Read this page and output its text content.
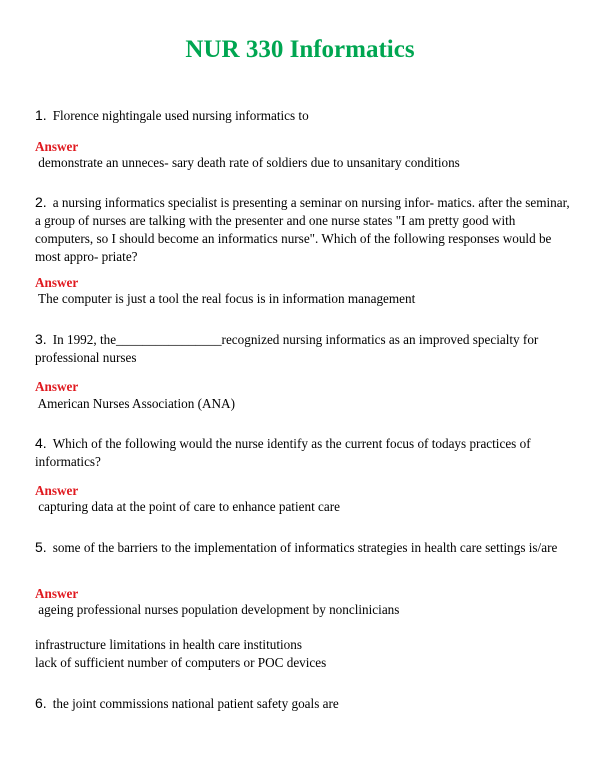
NUR 330 Informatics
1. Florence nightingale used nursing informatics to
Answer
demonstrate an unneces- sary death rate of soldiers due to unsanitary conditions
2. a nursing informatics specialist is presenting a seminar on nursing infor- matics. after the seminar, a group of nurses are talking with the presenter and one nurse states "I am pretty good with computers, so I should become an informatics nurse". Which of the following responses would be most appro- priate?
Answer
The computer is just a tool the real focus is in information management
3. In 1992, the________________recognized nursing informatics as an improved specialty for professional nurses
Answer
American Nurses Association (ANA)
4. Which of the following would the nurse identify as the current focus of todays practices of informatics?
Answer
capturing data at the point of care to enhance patient care
5. some of the barriers to the implementation of informatics strategies in health care settings is/are
Answer
ageing professional nurses population development by nonclinicians
infrastructure limitations in health care institutions
lack of sufficient number of computers or POC devices
6. the joint commissions national patient safety goals are
